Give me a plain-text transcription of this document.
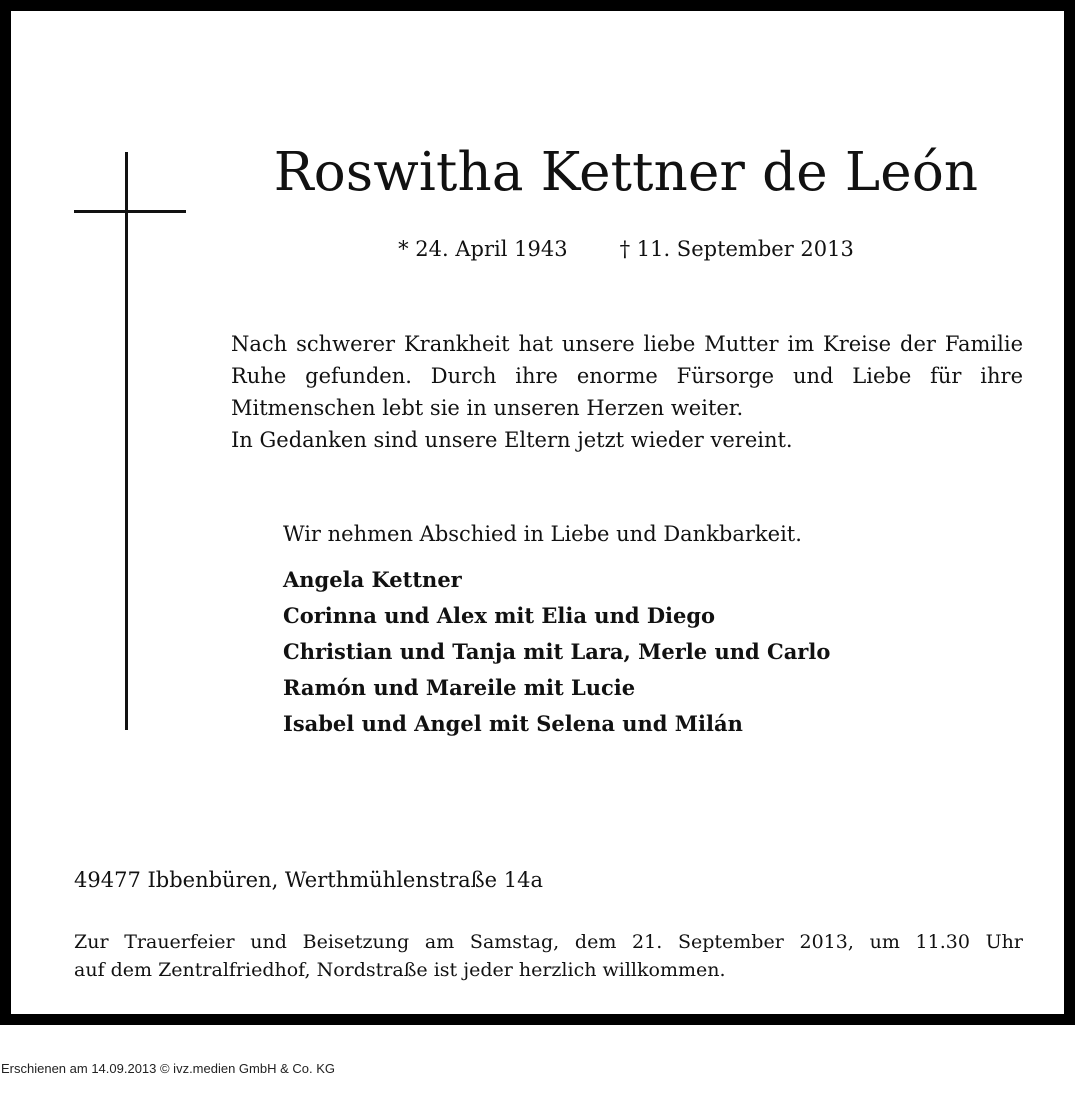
Roswitha Kettner de León
* 24. April 1943 † 11. September 2013
Nach schwerer Krankheit hat unsere liebe Mutter im Kreise der Familie
Ruhe gefunden. Durch ihre enorme Fürsorge und Liebe für ihre
Mitmenschen lebt sie in unseren Herzen weiter.
In Gedanken sind unsere Eltern jetzt wieder vereint.
Wir nehmen Abschied in Liebe und Dankbarkeit.
Angela Kettner
Corinna und Alex mit Elia und Diego
Christian und Tanja mit Lara, Merle und Carlo
Ramón und Mareile mit Lucie
Isabel und Angel mit Selena und Milán
49477 Ibbenbüren, Werthmühlenstraße 14a
Zur Trauerfeier und Beisetzung am Samstag, dem 21. September 2013, um 11.30 Uhr
auf dem Zentralfriedhof, Nordstraße ist jeder herzlich willkommen.
Erschienen am 14.09.2013 © ivz.medien GmbH & Co. KG
